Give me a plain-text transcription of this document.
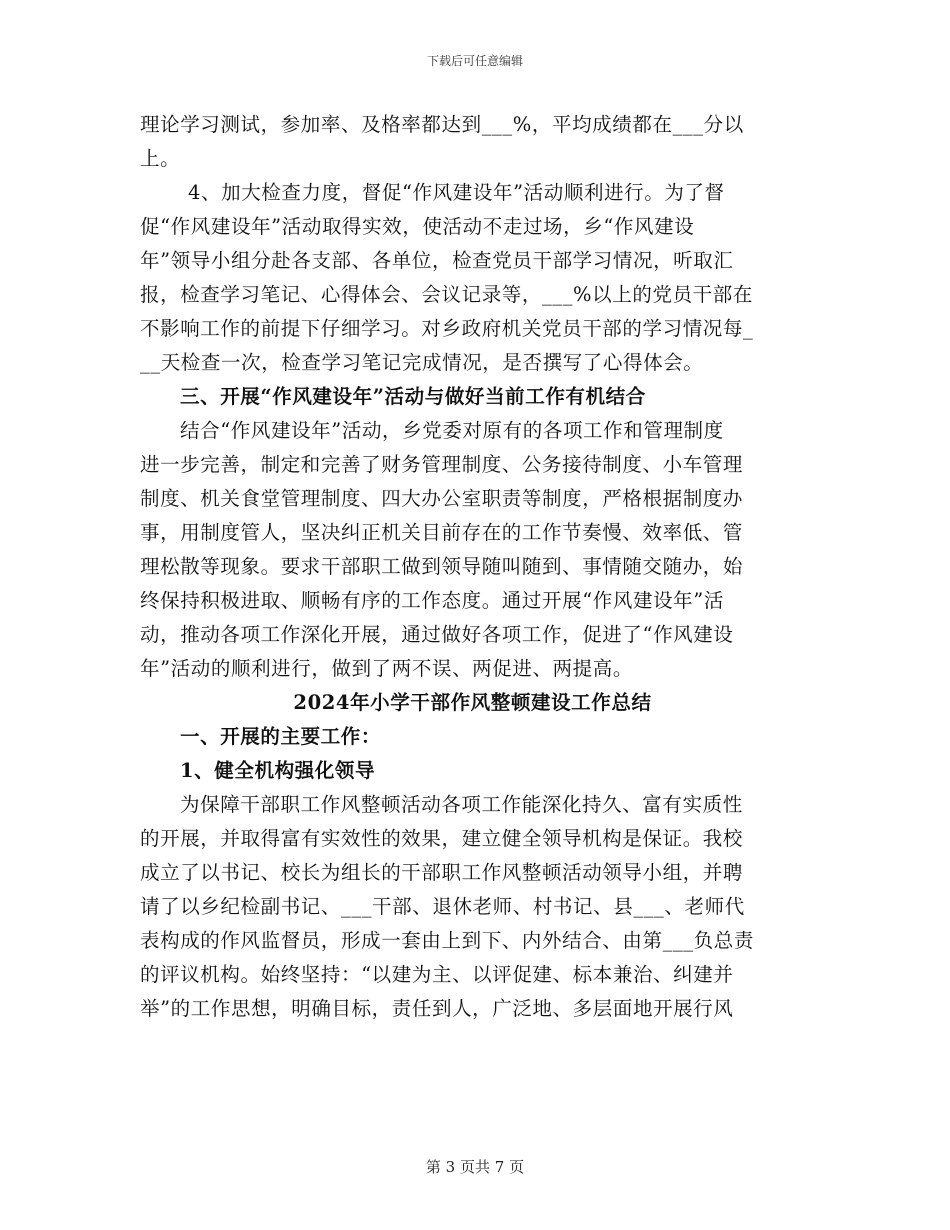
下载后可任意编辑
理论学习测试，参加率、及格率都达到___%，平均成绩都在___分以
上。
4、加大检查力度，督促“作风建设年”活动顺利进行。为了督
促“作风建设年”活动取得实效，使活动不走过场，乡“作风建设
年”领导小组分赴各支部、各单位，检查党员干部学习情况，听取汇
报，检查学习笔记、心得体会、会议记录等，___%以上的党员干部在
不影响工作的前提下仔细学习。对乡政府机关党员干部的学习情况每_
__天检查一次，检查学习笔记完成情况，是否撰写了心得体会。
三、开展“作风建设年”活动与做好当前工作有机结合
结合“作风建设年”活动，乡党委对原有的各项工作和管理制度
进一步完善，制定和完善了财务管理制度、公务接待制度、小车管理
制度、机关食堂管理制度、四大办公室职责等制度，严格根据制度办
事，用制度管人，坚决纠正机关目前存在的工作节奏慢、效率低、管
理松散等现象。要求干部职工做到领导随叫随到、事情随交随办，始
终保持积极进取、顺畅有序的工作态度。通过开展“作风建设年”活
动，推动各项工作深化开展，通过做好各项工作，促进了“作风建设
年”活动的顺利进行，做到了两不误、两促进、两提高。
2024年小学干部作风整顿建设工作总结
一、开展的主要工作：
1、健全机构强化领导
为保障干部职工作风整顿活动各项工作能深化持久、富有实质性
的开展，并取得富有实效性的效果，建立健全领导机构是保证。我校
成立了以书记、校长为组长的干部职工作风整顿活动领导小组，并聘
请了以乡纪检副书记、___干部、退休老师、村书记、县___、老师代
表构成的作风监督员，形成一套由上到下、内外结合、由第___负总责
的评议机构。始终坚持：“以建为主、以评促建、标本兼治、纠建并
举”的工作思想，明确目标，责任到人，广泛地、多层面地开展行风
第 3 页共 7 页
